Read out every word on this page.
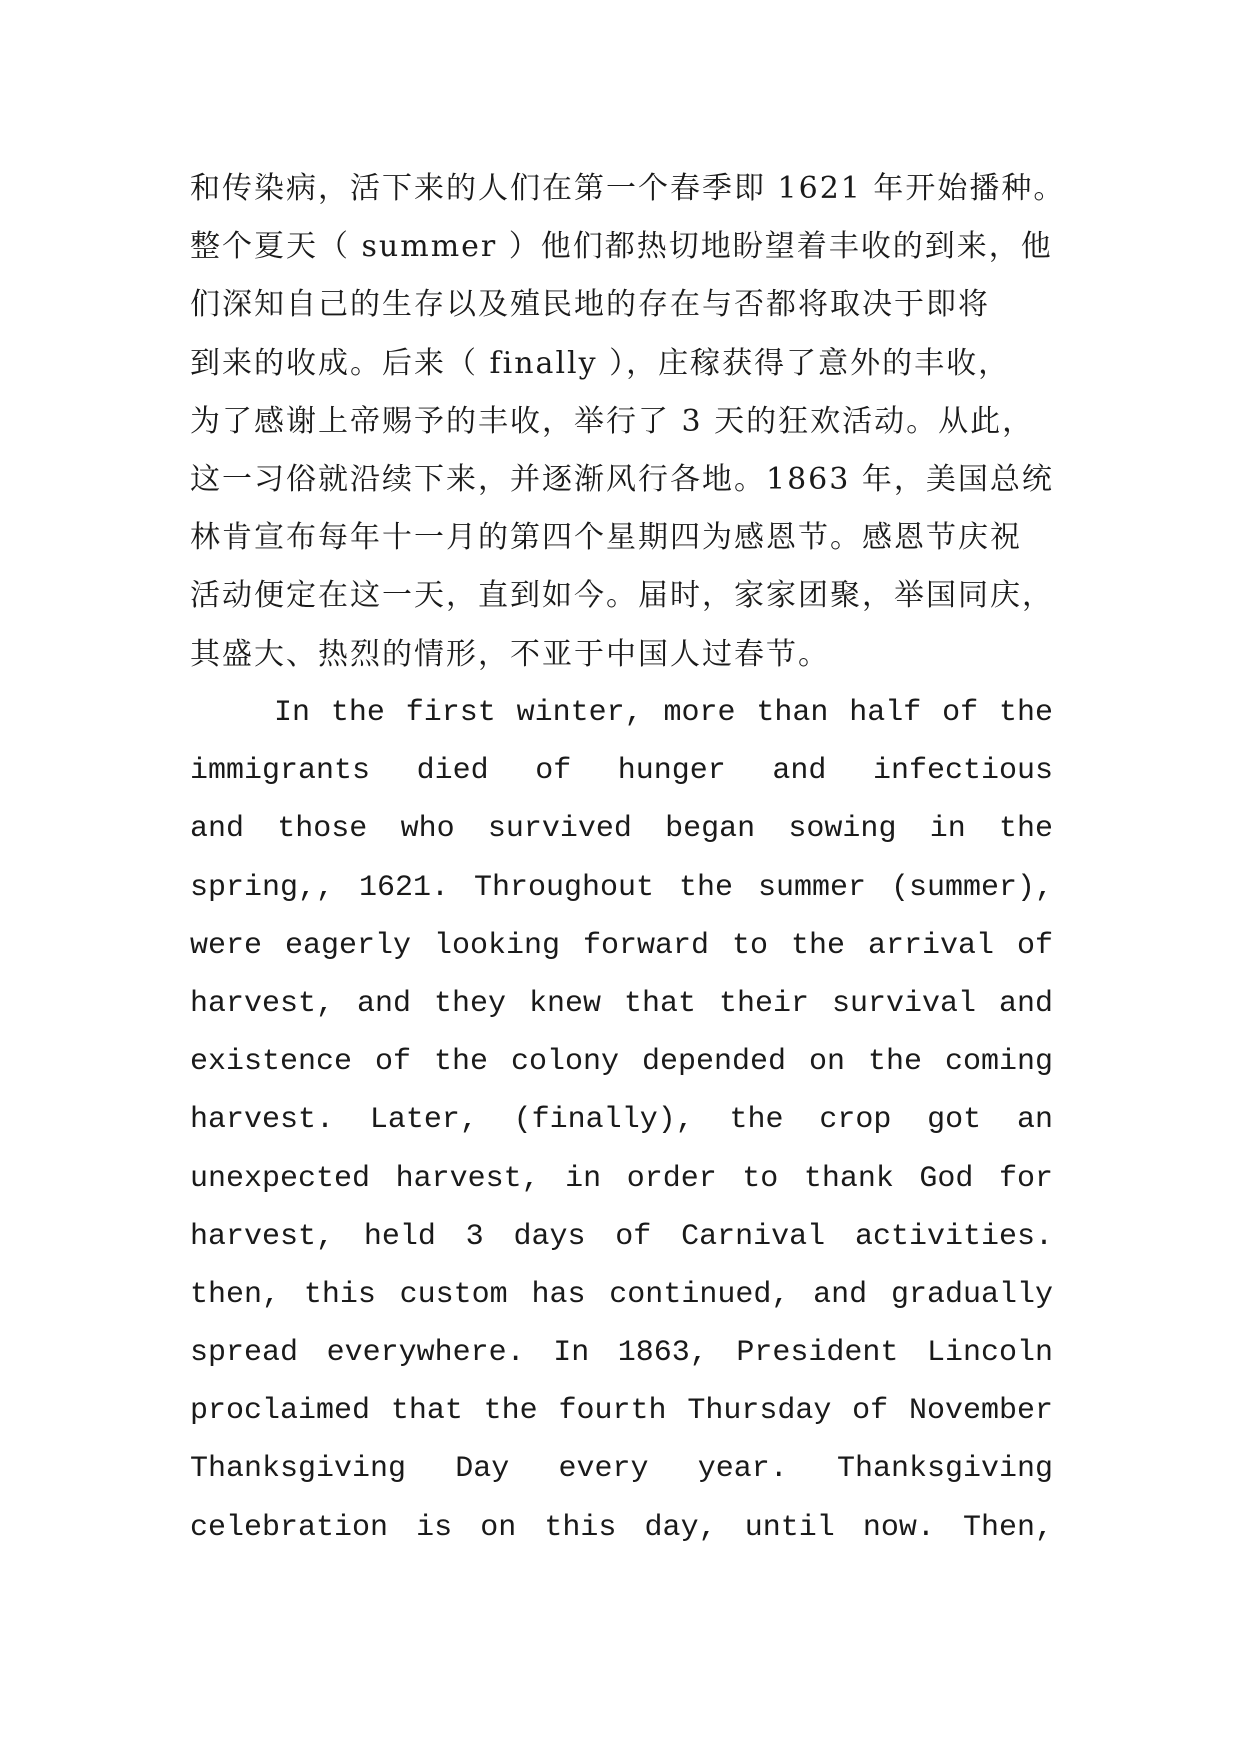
和传染病，活下来的人们在第一个春季即 1621 年开始播种。
整个夏天（ summer ）他们都热切地盼望着丰收的到来，他
们深知自己的生存以及殖民地的存在与否都将取决于即将
到来的收成。后来（ finally ），庄稼获得了意外的丰收，
为了感谢上帝赐予的丰收，举行了 3 天的狂欢活动。从此，
这一习俗就沿续下来，并逐渐风行各地。1863 年，美国总统
林肯宣布每年十一月的第四个星期四为感恩节。感恩节庆祝
活动便定在这一天，直到如今。届时，家家团聚，举国同庆，
其盛大、热烈的情形，不亚于中国人过春节。
In the first winter, more than half of the
immigrants died of hunger and infectious
and those who survived began sowing in the
spring,, 1621. Throughout the summer (summer),
were eagerly looking forward to the arrival of
harvest, and they knew that their survival and
existence of the colony depended on the coming
harvest. Later, (finally), the crop got an
unexpected harvest, in order to thank God for
harvest, held 3 days of Carnival activities.
then, this custom has continued, and gradually
spread everywhere. In 1863, President Lincoln
proclaimed that the fourth Thursday of November
Thanksgiving Day every year. Thanksgiving
celebration is on this day, until now. Then,
